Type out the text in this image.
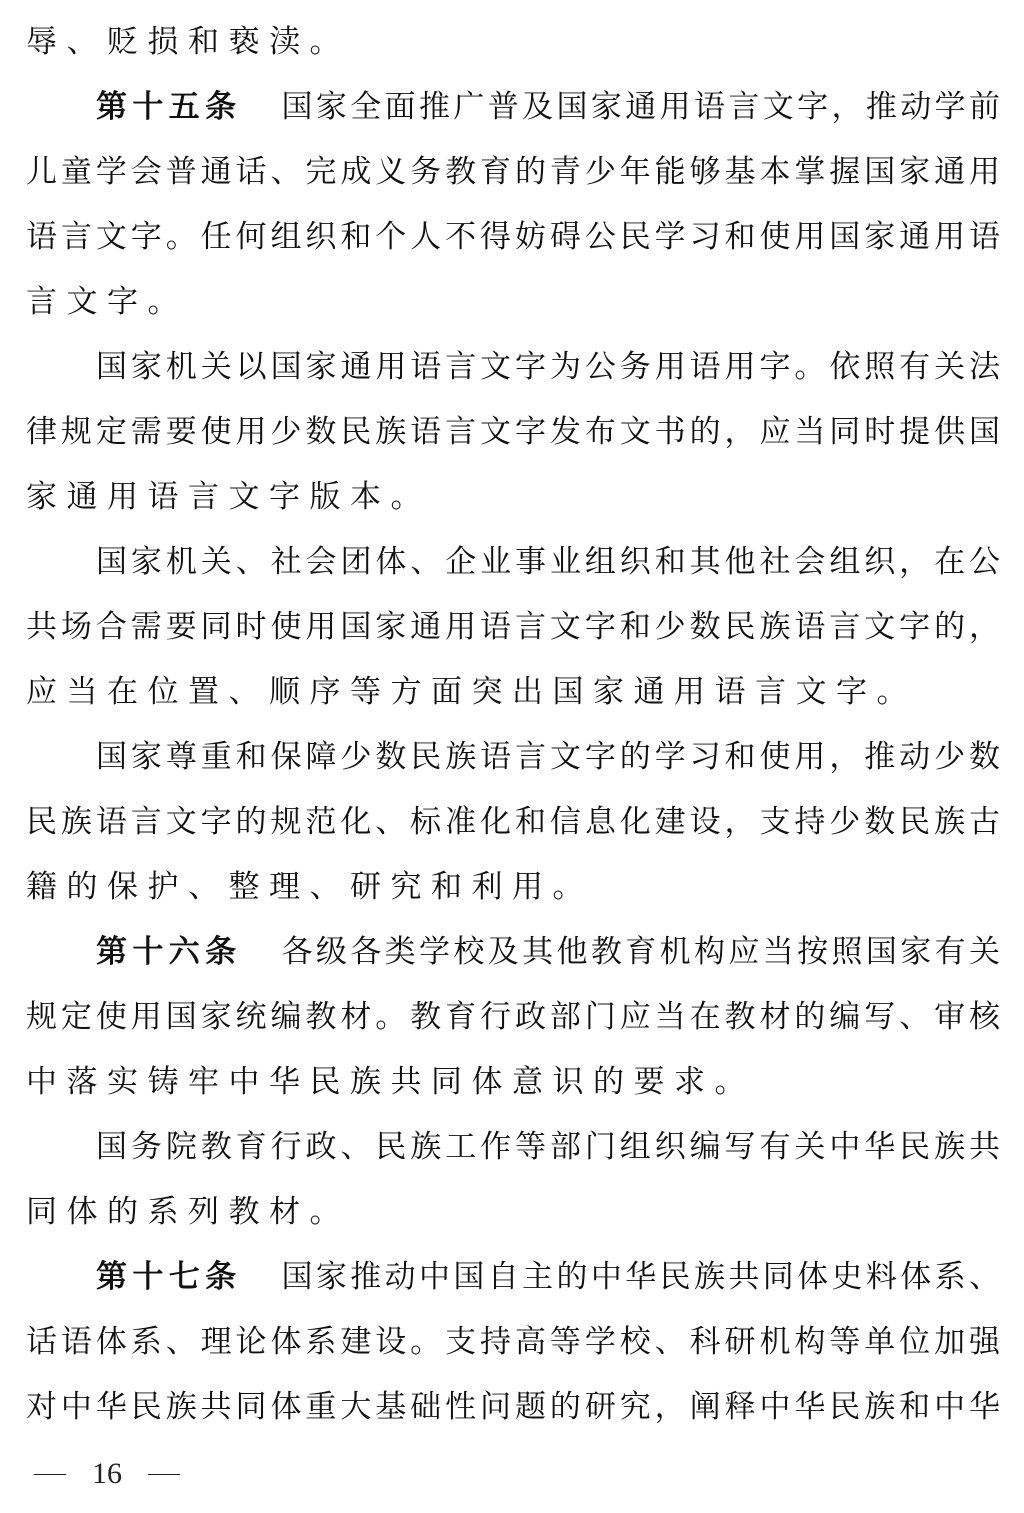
辱、贬损和亵渎。
第十五条 国家全面推广普及国家通用语言文字，推动学前
儿童学会普通话、完成义务教育的青少年能够基本掌握国家通用
语言文字。任何组织和个人不得妨碍公民学习和使用国家通用语
言文字。
国家机关以国家通用语言文字为公务用语用字。依照有关法
律规定需要使用少数民族语言文字发布文书的，应当同时提供国
家通用语言文字版本。
国家机关、社会团体、企业事业组织和其他社会组织，在公
共场合需要同时使用国家通用语言文字和少数民族语言文字的，
应当在位置、顺序等方面突出国家通用语言文字。
国家尊重和保障少数民族语言文字的学习和使用，推动少数
民族语言文字的规范化、标准化和信息化建设，支持少数民族古
籍的保护、整理、研究和利用。
第十六条 各级各类学校及其他教育机构应当按照国家有关
规定使用国家统编教材。教育行政部门应当在教材的编写、审核
中落实铸牢中华民族共同体意识的要求。
国务院教育行政、民族工作等部门组织编写有关中华民族共
同体的系列教材。
第十七条 国家推动中国自主的中华民族共同体史料体系、
话语体系、理论体系建设。支持高等学校、科研机构等单位加强
对中华民族共同体重大基础性问题的研究，阐释中华民族和中华
16
